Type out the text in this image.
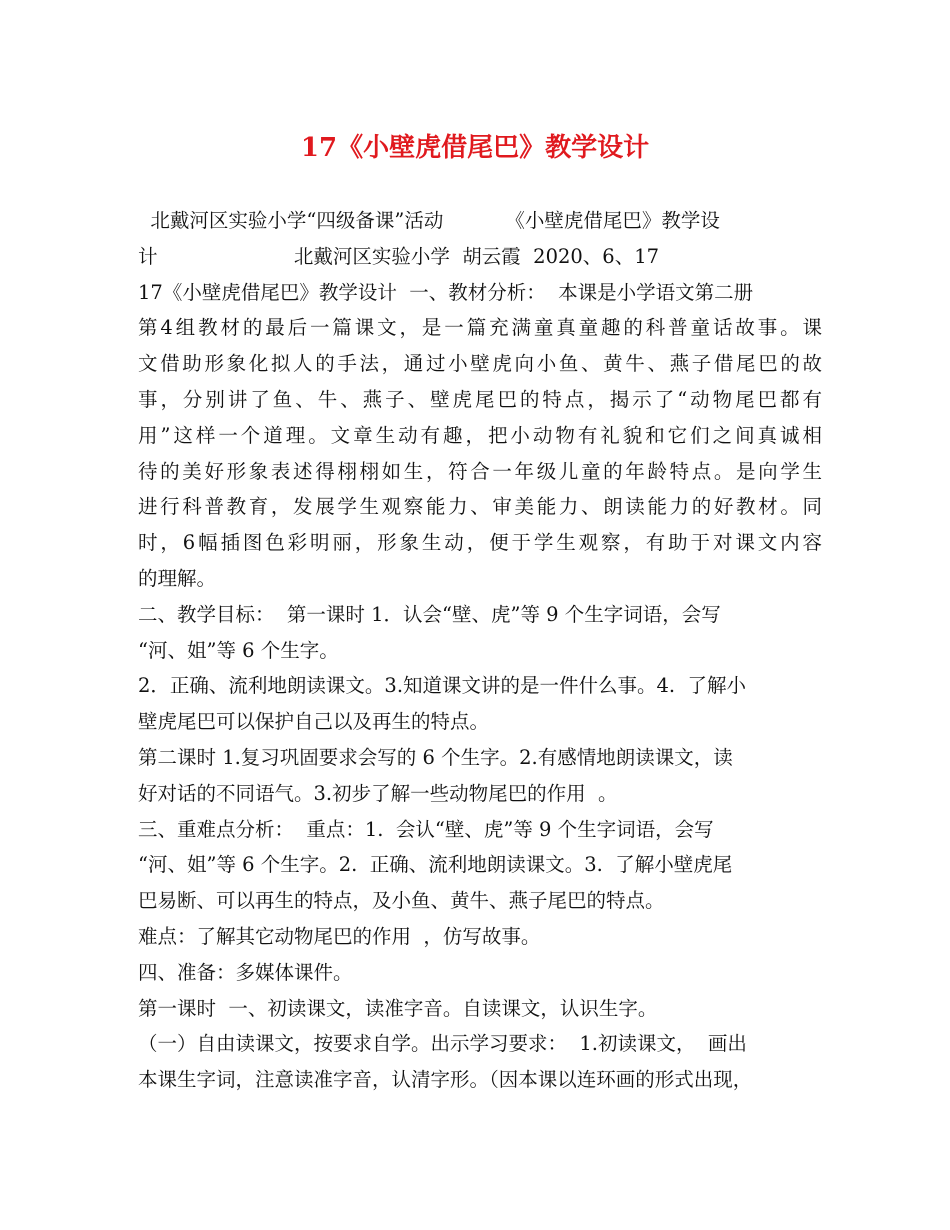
17《小壁虎借尾巴》教学设计
北戴河区实验小学“四级备课”活动          《小壁虎借尾巴》教学设
计                      北戴河区实验小学  胡云霞  2020、6、17
17《小壁虎借尾巴》教学设计  一、教材分析：  本课是小学语文第二册
第4组教材的最后一篇课文，是一篇充满童真童趣的科普童话故事。课
文借助形象化拟人的手法，通过小壁虎向小鱼、黄牛、燕子借尾巴的故
事，分别讲了鱼、牛、燕子、壁虎尾巴的特点，揭示了“动物尾巴都有
用”这样一个道理。文章生动有趣，把小动物有礼貌和它们之间真诚相
待的美好形象表述得栩栩如生，符合一年级儿童的年龄特点。是向学生
进行科普教育，发展学生观察能力、审美能力、朗读能力的好教材。同
时，6幅插图色彩明丽，形象生动，便于学生观察，有助于对课文内容
的理解。
二、教学目标：  第一课时 1．认会“壁、虎”等 9 个生字词语，会写
“河、姐”等 6 个生字。
2．正确、流利地朗读课文。3.知道课文讲的是一件什么事。4.  了解小
壁虎尾巴可以保护自己以及再生的特点。
第二课时 1.复习巩固要求会写的 6 个生字。2.有感情地朗读课文，读
好对话的不同语气。3.初步了解一些动物尾巴的作用  。
三、重难点分析：  重点：1.  会认“壁、虎”等 9 个生字词语，会写
“河、姐”等 6 个生字。2.  正确、流利地朗读课文。3.  了解小壁虎尾
巴易断、可以再生的特点，及小鱼、黄牛、燕子尾巴的特点。
难点：了解其它动物尾巴的作用  ，仿写故事。
四、准备：多媒体课件。
第一课时  一、初读课文，读准字音。自读课文，认识生字。
（一）自由读课文，按要求自学。出示学习要求：  1.初读课文，  画出
本课生字词，注意读准字音，认清字形。（因本课以连环画的形式出现，
